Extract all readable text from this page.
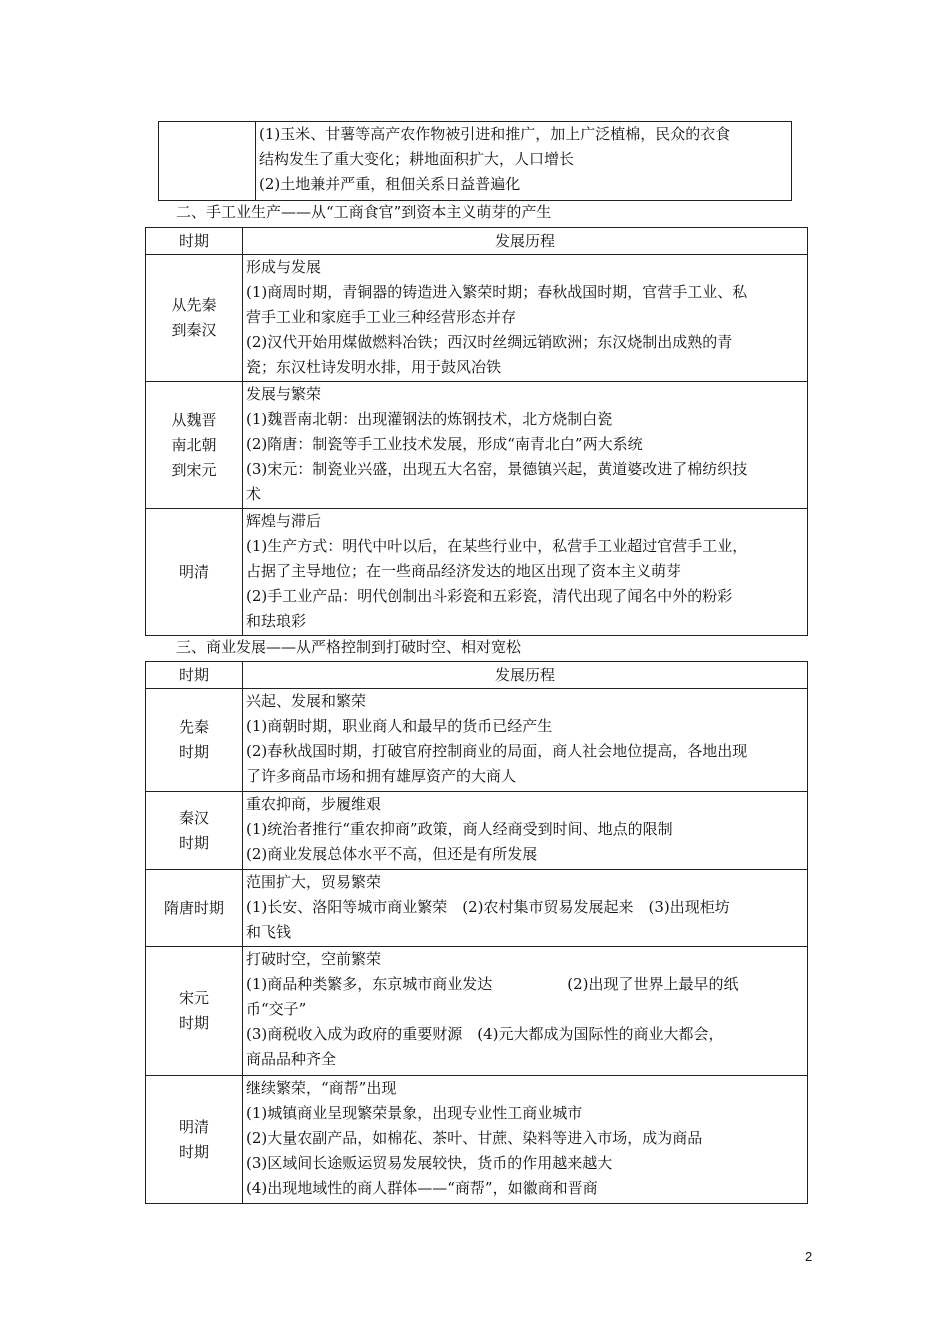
(1)玉米、甘薯等高产农作物被引进和推广，加上广泛植棉，民众的衣食
结构发生了重大变化；耕地面积扩大，人口增长
(2)土地兼并严重，租佃关系日益普遍化
二、手工业生产——从“工商食官”到资本主义萌芽的产生
时期	发展历程

从先秦
到秦汉	形成与发展
(1)商周时期，青铜器的铸造进入繁荣时期；春秋战国时期，官营手工业、私
营手工业和家庭手工业三种经营形态并存
(2)汉代开始用煤做燃料冶铁；西汉时丝绸远销欧洲；东汉烧制出成熟的青
瓷；东汉杜诗发明水排，用于鼓风冶铁

从魏晋
南北朝
到宋元	发展与繁荣
(1)魏晋南北朝：出现灌钢法的炼钢技术，北方烧制白瓷
(2)隋唐：制瓷等手工业技术发展，形成“南青北白”两大系统
(3)宋元：制瓷业兴盛，出现五大名窑，景德镇兴起，黄道婆改进了棉纺织技
术

明清	辉煌与滞后
(1)生产方式：明代中叶以后，在某些行业中，私营手工业超过官营手工业，
占据了主导地位；在一些商品经济发达的地区出现了资本主义萌芽
(2)手工业产品：明代创制出斗彩瓷和五彩瓷，清代出现了闻名中外的粉彩
和珐琅彩
三、商业发展——从严格控制到打破时空、相对宽松
时期	发展历程

先秦
时期	兴起、发展和繁荣
(1)商朝时期，职业商人和最早的货币已经产生
(2)春秋战国时期，打破官府控制商业的局面，商人社会地位提高，各地出现
了许多商品市场和拥有雄厚资产的大商人

秦汉
时期	重农抑商，步履维艰
(1)统治者推行“重农抑商”政策，商人经商受到时间、地点的限制
(2)商业发展总体水平不高，但还是有所发展

隋唐时期	范围扩大，贸易繁荣
(1)长安、洛阳等城市商业繁荣　(2)农村集市贸易发展起来　(3)出现柜坊
和飞钱

宋元
时期	打破时空，空前繁荣
(1)商品种类繁多，东京城市商业发达　　　　　(2)出现了世界上最早的纸
币“交子”
(3)商税收入成为政府的重要财源　(4)元大都成为国际性的商业大都会，
商品品种齐全

明清
时期	继续繁荣，“商帮”出现
(1)城镇商业呈现繁荣景象，出现专业性工商业城市
(2)大量农副产品，如棉花、茶叶、甘蔗、染料等进入市场，成为商品
(3)区域间长途贩运贸易发展较快，货币的作用越来越大
(4)出现地域性的商人群体——“商帮”，如徽商和晋商
2
